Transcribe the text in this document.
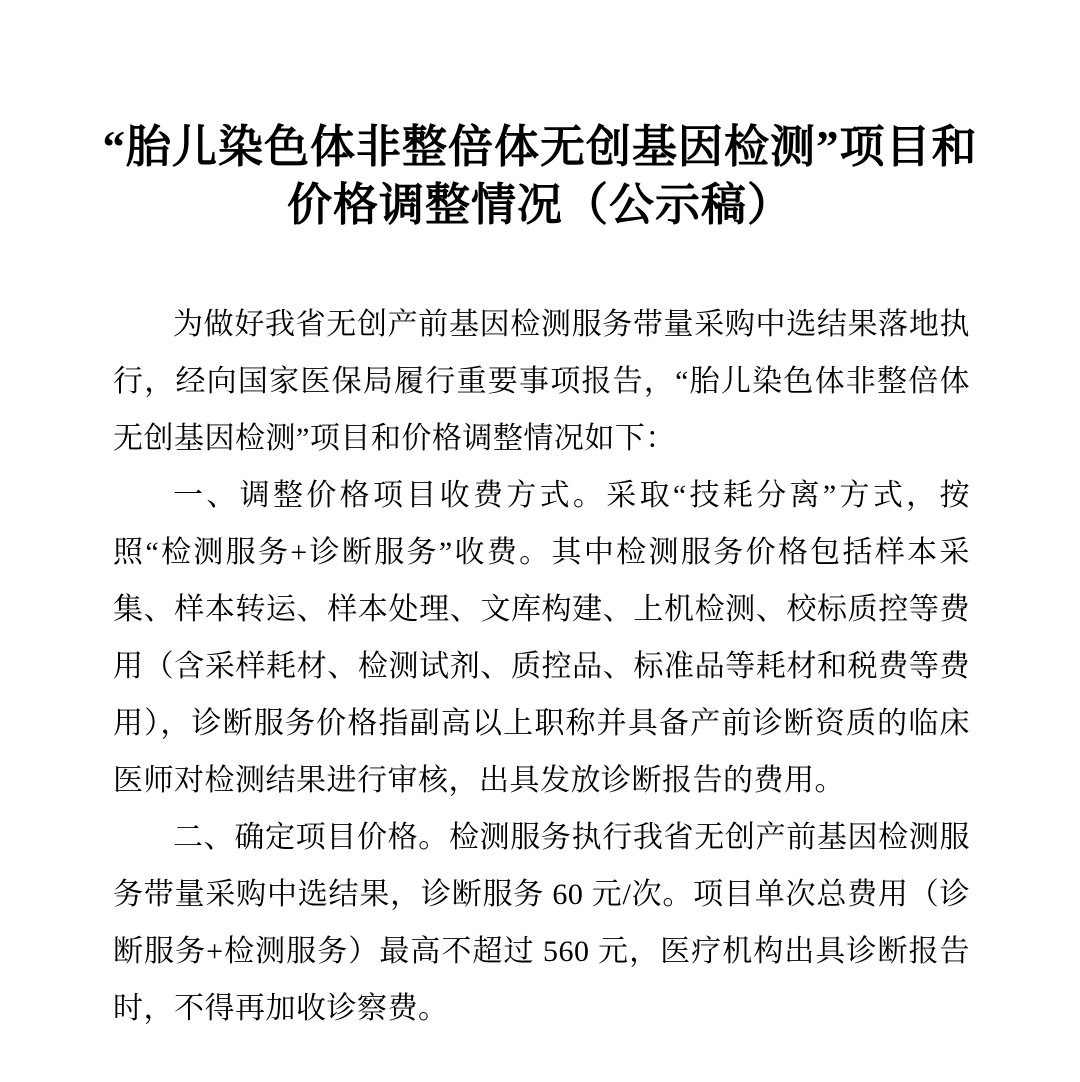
“胎儿染色体非整倍体无创基因检测”项目和
价格调整情况（公示稿）

为做好我省无创产前基因检测服务带量采购中选结果落地执行，经向国家医保局履行重要事项报告，“胎儿染色体非整倍体无创基因检测”项目和价格调整情况如下：

一、调整价格项目收费方式。采取“技耗分离”方式，按照“检测服务+诊断服务”收费。其中检测服务价格包括样本采集、样本转运、样本处理、文库构建、上机检测、校标质控等费用（含采样耗材、检测试剂、质控品、标准品等耗材和税费等费用），诊断服务价格指副高以上职称并具备产前诊断资质的临床医师对检测结果进行审核，出具发放诊断报告的费用。

二、确定项目价格。检测服务执行我省无创产前基因检测服务带量采购中选结果，诊断服务 60 元/次。项目单次总费用（诊断服务+检测服务）最高不超过 560 元，医疗机构出具诊断报告时，不得再加收诊察费。
